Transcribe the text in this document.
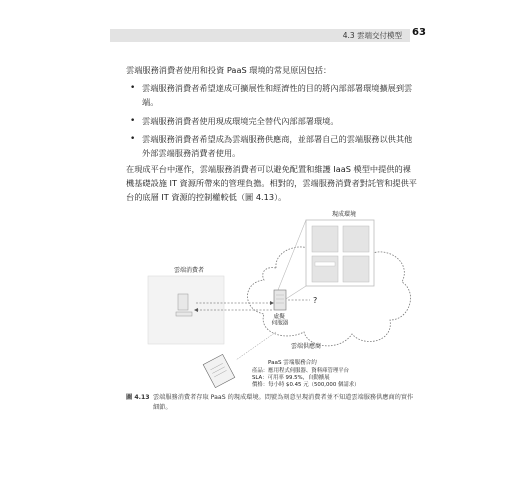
4.3 雲端交付模型 63
雲端服務消費者使用和投資 PaaS 環境的常見原因包括：
• 雲端服務消費者希望達成可擴展性和經濟性的目的將內部部署環境擴展到雲端。
• 雲端服務消費者使用現成環境完全替代內部部署環境。
• 雲端服務消費者希望成為雲端服務供應商，並部署自己的雲端服務以供其他外部雲端服務消費者使用。
在現成平台中運作，雲端服務消費者可以避免配置和維護 IaaS 模型中提供的裸機基礎設施 IT 資源所帶來的管理負擔。相對的，雲端服務消費者對託管和提供平台的底層 IT 資源的控制權較低（圖 4.13）。
現成環境
雲端消費者
虛擬 伺服器
?
雲端供應商
PaaS 雲端服務合約
產品：應用程式伺服器、資料庫管理平台
SLA：可用率 99.5%，自動擴展
價格：每小時 $0.45 元（500,000 個請求）
圖 4.13 雲端服務消費者存取 PaaS 的現成環境。問號為刻意呈現消費者並不知道雲端服務供應商的實作細節。
